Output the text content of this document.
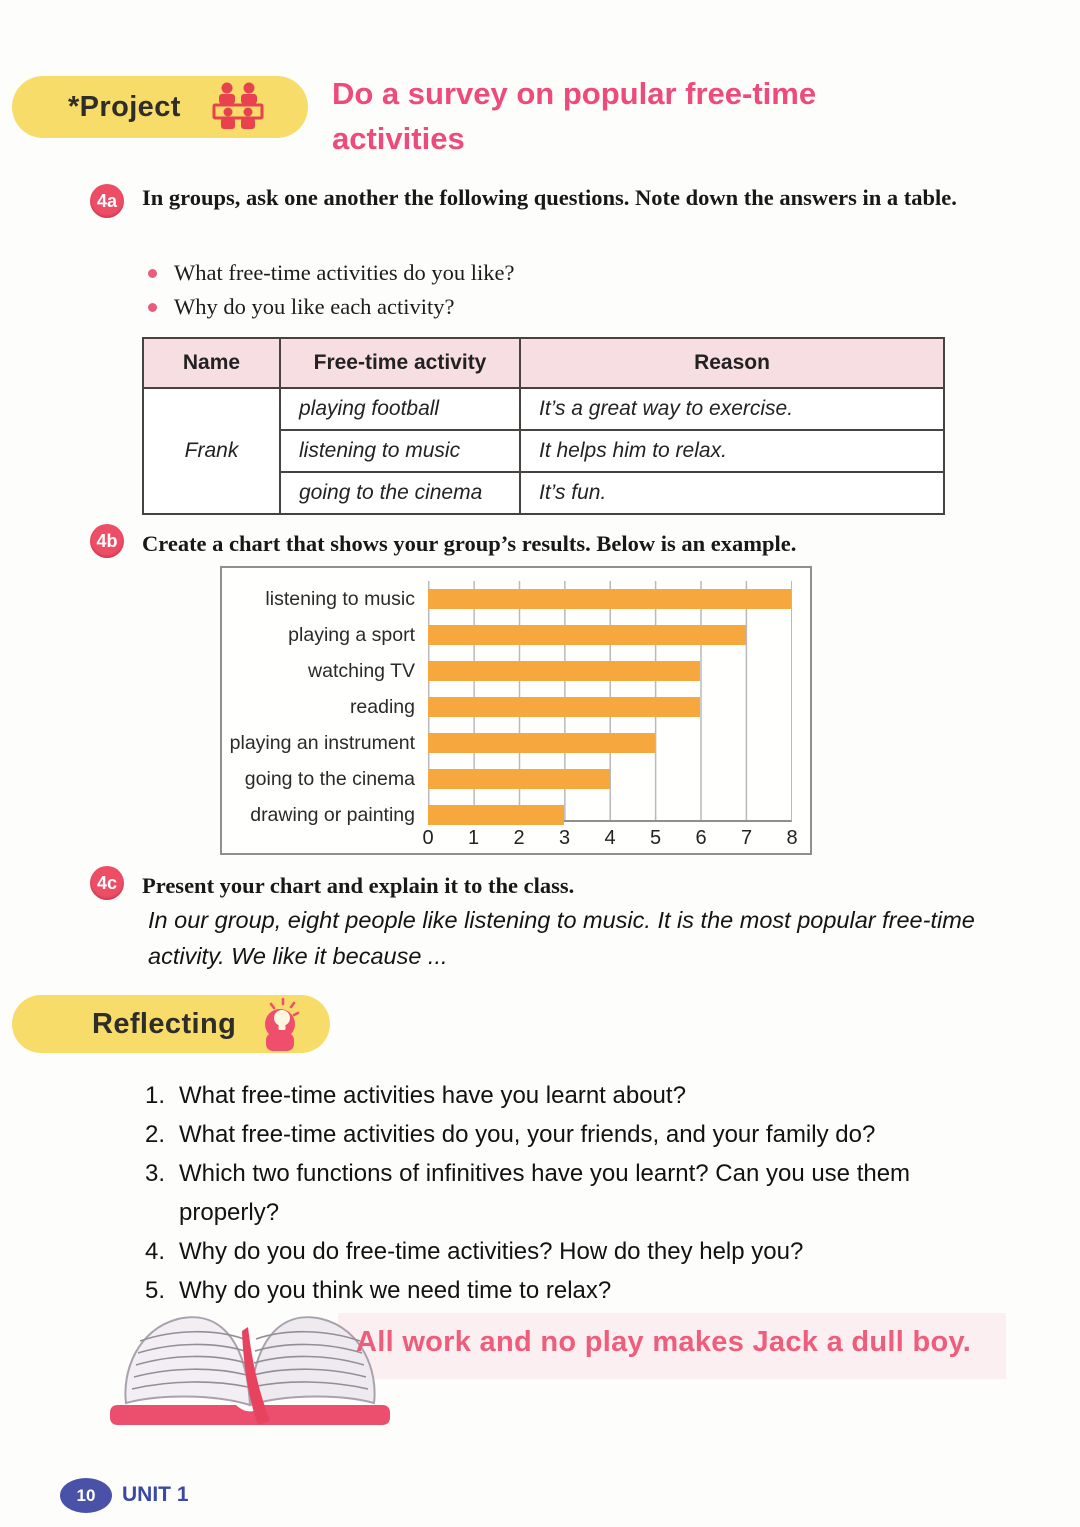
*Project	Do a survey on popular free-time activities
4a	In groups, ask one another the following questions. Note down the answers in a table.

What free-time activities do you like?
Why do you like each activity?
Name	Free-time activity	Reason
Frank	playing football	It’s a great way to exercise.
	listening to music	It helps him to relax.
	going to the cinema	It’s fun.
4b Create a chart that shows your group’s results. Below is an example.

listening to music
playing a sport
watching TV
reading
playing an instrument
going to the cinema
drawing or painting
0 1 2 3 4 5 6 7 8
4c	Present your chart and explain it to the class.

In our group, eight people like listening to music. It is the most popular free-time activity. We like it because ...

Reflecting
1. What free-time activities have you learnt about?
2. What free-time activities do you, your friends, and your family do?
3. Which two functions of infinitives have you learnt? Can you use them properly?
4. Why do you do free-time activities? How do they help you?
5. Why do you think we need time to relax?

All work and no play makes Jack a dull boy.

10 UNIT 1
